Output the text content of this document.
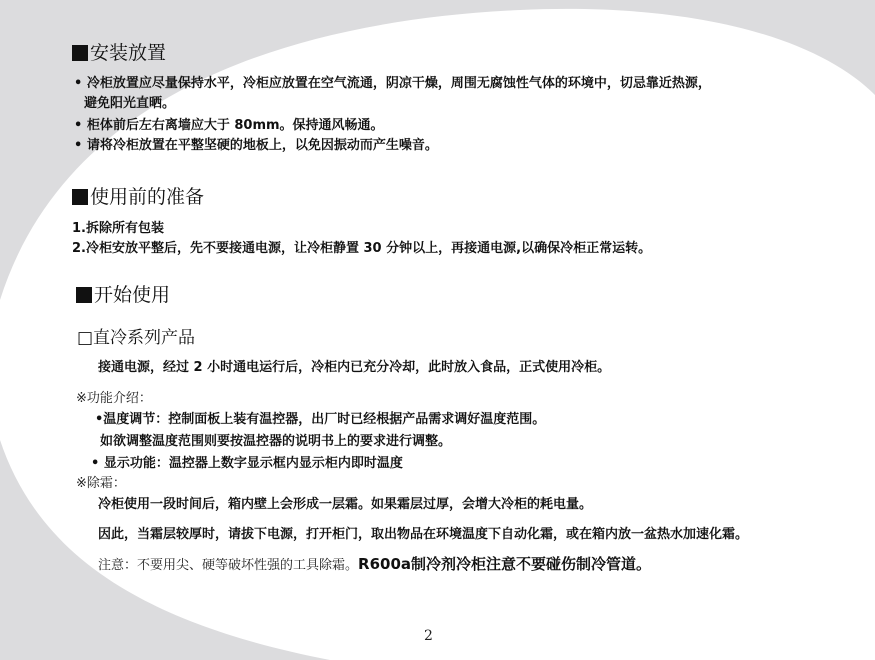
安装放置
• 冷柜放置应尽量保持水平，冷柜应放置在空气流通，阴凉干燥，周围无腐蚀性气体的环境中，切忌靠近热源，
避免阳光直晒。
• 柜体前后左右离墙应大于 80mm。保持通风畅通。
• 请将冷柜放置在平整坚硬的地板上，以免因振动而产生噪音。
使用前的准备
1.拆除所有包装
2.冷柜安放平整后，先不要接通电源，让冷柜静置 30 分钟以上，再接通电源,以确保冷柜正常运转。
开始使用
□直冷系列产品
接通电源，经过 2 小时通电运行后，冷柜内已充分冷却，此时放入食品，正式使用冷柜。
※功能介绍：
•温度调节：控制面板上装有温控器，出厂时已经根据产品需求调好温度范围。
如欲调整温度范围则要按温控器的说明书上的要求进行调整。
• 显示功能：温控器上数字显示框内显示柜内即时温度
※除霜：
冷柜使用一段时间后，箱内壁上会形成一层霜。如果霜层过厚，会增大冷柜的耗电量。
因此，当霜层较厚时，请拔下电源，打开柜门，取出物品在环境温度下自动化霜，或在箱内放一盆热水加速化霜。
注意：不要用尖、硬等破坏性强的工具除霜。R600a制冷剂冷柜注意不要碰伤制冷管道。
2
